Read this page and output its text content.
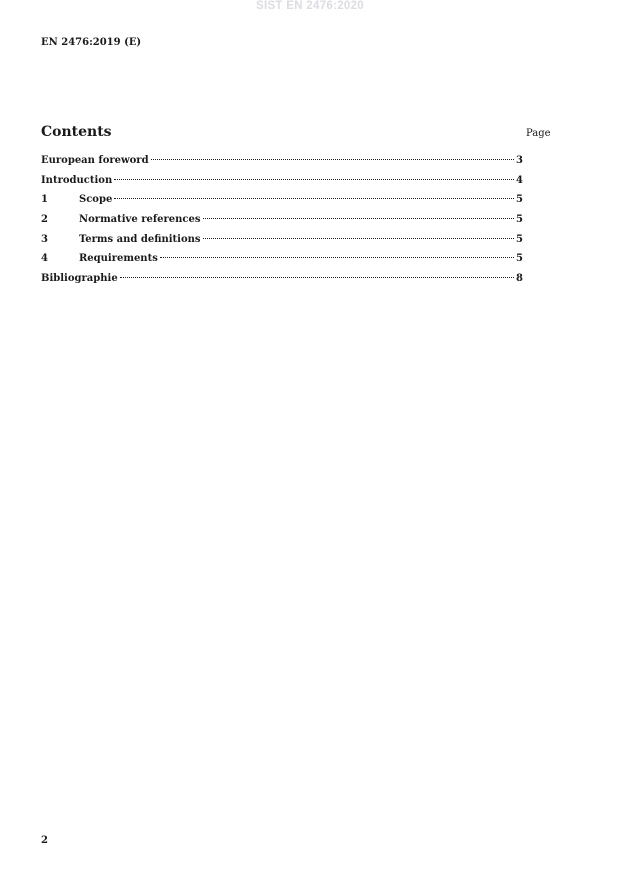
SIST EN 2476:2020
EN 2476:2019 (E)
Contents	Page
European foreword	3
Introduction	4
1	Scope	5
2	Normative references	5
3	Terms and definitions	5
4	Requirements	5
Bibliographie	8
2
